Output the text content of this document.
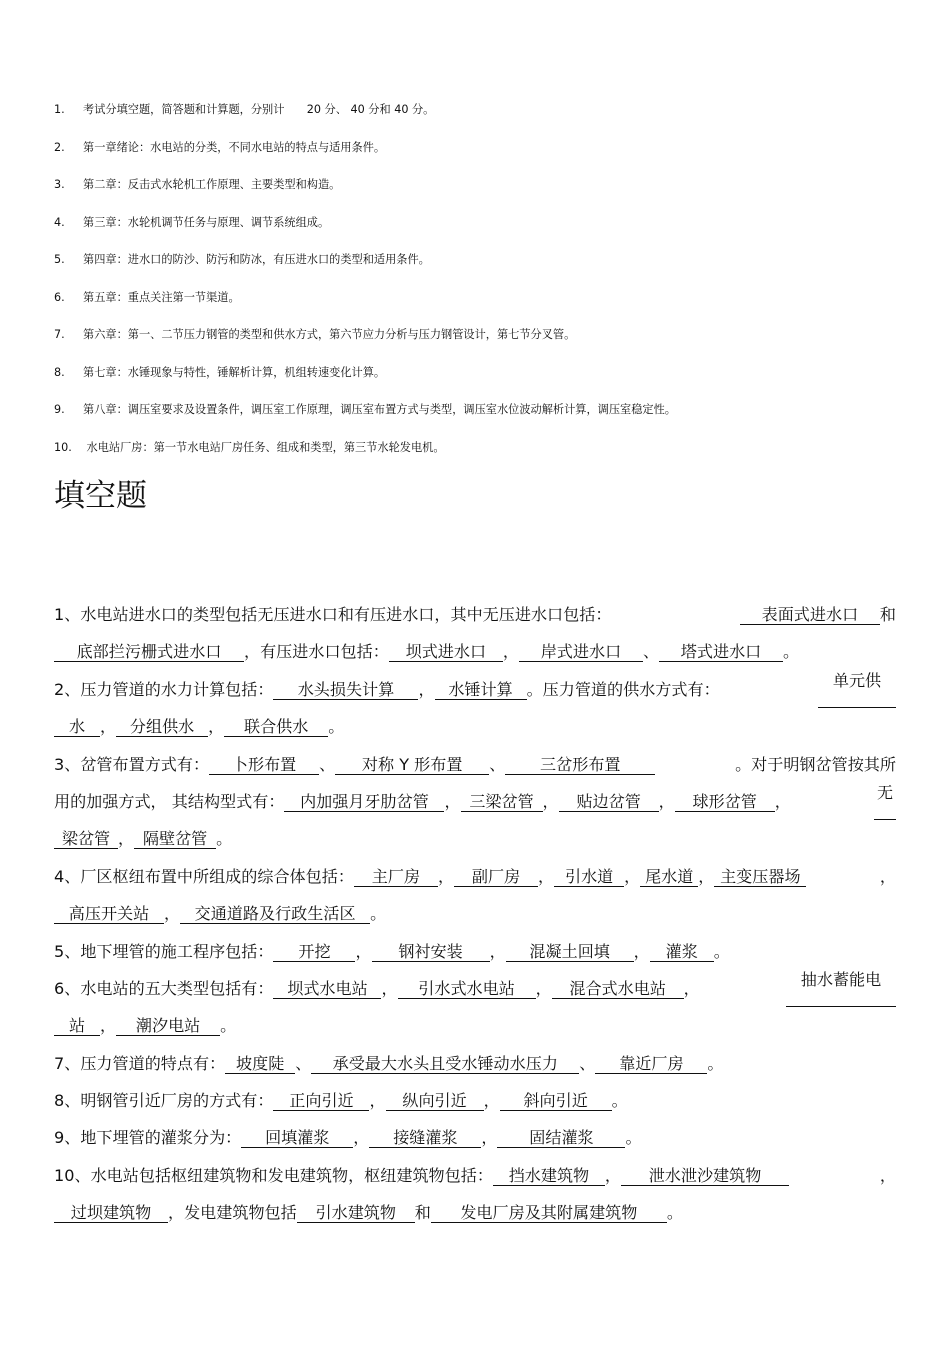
1. 考试分填空题，简答题和计算题，分别计　　20 分、 40 分和 40 分。
2. 第一章绪论：水电站的分类，不同水电站的特点与适用条件。
3. 第二章：反击式水轮机工作原理、主要类型和构造。
4. 第三章：水轮机调节任务与原理、调节系统组成。
5. 第四章：进水口的防沙、防污和防冰，有压进水口的类型和适用条件。
6. 第五章：重点关注第一节渠道。
7. 第六章：第一、二节压力钢管的类型和供水方式，第六节应力分析与压力钢管设计，第七节分叉管。
8. 第七章：水锤现象与特性，锤解析计算，机组转速变化计算。
9. 第八章：调压室要求及设置条件，调压室工作原理，调压室布置方式与类型，调压室水位波动解析计算，调压室稳定性。
10. 水电站厂房：第一节水电站厂房任务、组成和类型，第三节水轮发电机。
填空题
1、水电站进水口的类型包括无压进水口和有压进水口，其中无压进水口包括：	表面式进水口 和
底部拦污栅式进水口 ，有压进水口包括： 坝式进水口 ， 岸式进水口 、 塔式进水口 。
2、压力管道的水力计算包括： 水头损失计算 ， 水锤计算 。压力管道的供水方式有：	单元供
水 ， 分组供水 ， 联合供水 。
3、岔管布置方式有： 卜形布置 、 对称 Y 形布置 、 三岔形布置	。对于明钢岔管按其所
用的加强方式， 其结构型式有： 内加强月牙肋岔管 ， 三梁岔管 ， 贴边岔管 ， 球形岔管 ，	无
梁岔管 ， 隔壁岔管 。
4、厂区枢纽布置中所组成的综合体包括： 主厂房 ， 副厂房 ， 引水道 ， 尾水道 ， 主变压器场	，
高压开关站 ， 交通道路及行政生活区 。
5、地下埋管的施工程序包括： 开挖 ， 钢衬安装 ， 混凝土回填 ， 灌浆 。
6、水电站的五大类型包括有： 坝式水电站 ， 引水式水电站 ， 混合式水电站 ，	抽水蓄能电
站 ， 潮汐电站 。
7、压力管道的特点有： 坡度陡 、 承受最大水头且受水锤动水压力 、 靠近厂房 。
8、明钢管引近厂房的方式有： 正向引近 ， 纵向引近 ， 斜向引近 。
9、地下埋管的灌浆分为： 回填灌浆 ， 接缝灌浆 ， 固结灌浆 。
10、水电站包括枢纽建筑物和发电建筑物，枢纽建筑物包括： 挡水建筑物 ， 泄水泄沙建筑物	，
过坝建筑物 ，发电建筑物包括 引水建筑物 和 发电厂房及其附属建筑物 。
